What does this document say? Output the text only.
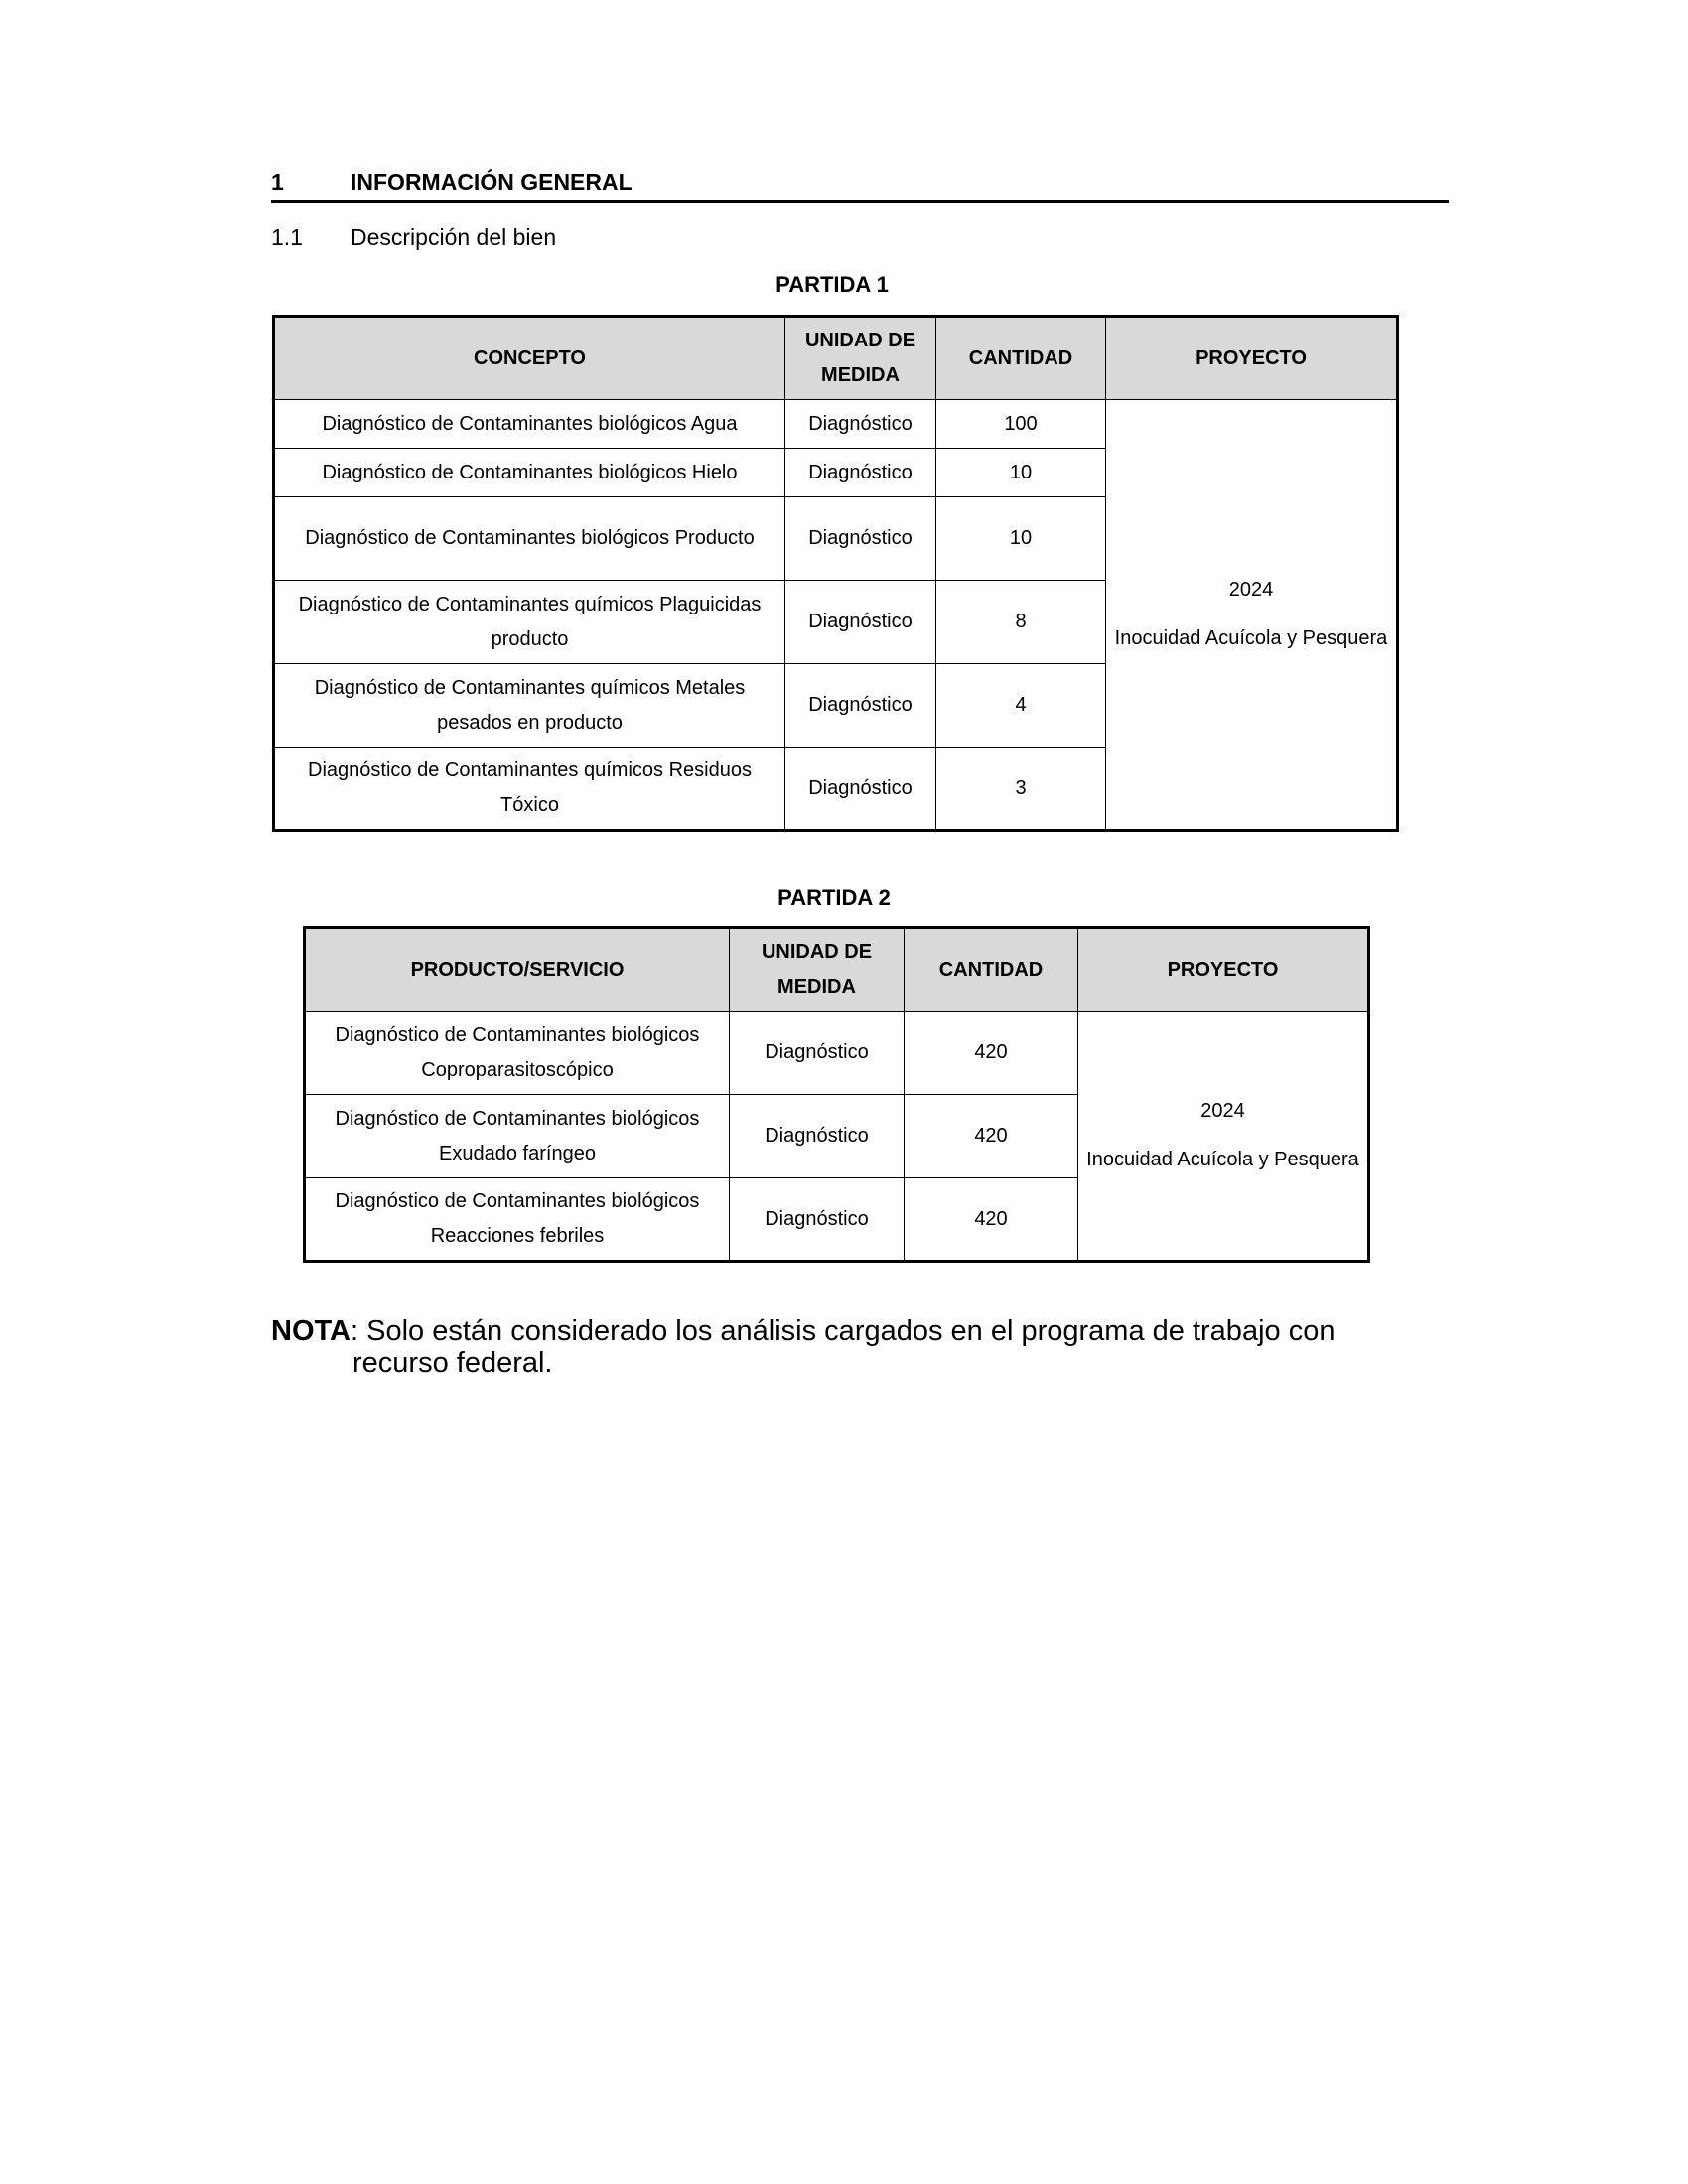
1	INFORMACIÓN GENERAL
1.1 Descripción del bien
PARTIDA 1
CONCEPTO	UNIDAD DE MEDIDA	CANTIDAD	PROYECTO
Diagnóstico de Contaminantes biológicos Agua	Diagnóstico	100	2024
Inocuidad Acuícola y Pesquera

Diagnóstico de Contaminantes biológicos Hielo	Diagnóstico	10	
Diagnóstico de Contaminantes biológicos Producto	Diagnóstico	10	
Diagnóstico de Contaminantes químicos Plaguicidas producto	Diagnóstico	8	
Diagnóstico de Contaminantes químicos Metales pesados en producto	Diagnóstico	4	
Diagnóstico de Contaminantes químicos Residuos Tóxico	Diagnóstico	3	
PARTIDA 2
PRODUCTO/SERVICIO	UNIDAD DE MEDIDA	CANTIDAD	PROYECTO
Diagnóstico de Contaminantes biológicos Coproparasitoscópico	Diagnóstico	420	2024
Inocuidad Acuícola y Pesquera

Diagnóstico de Contaminantes biológicos Exudado faríngeo	Diagnóstico	420	
Diagnóstico de Contaminantes biológicos Reacciones febriles	Diagnóstico	420	
NOTA: Solo están considerado los análisis cargados en el programa de trabajo con
recurso federal.
